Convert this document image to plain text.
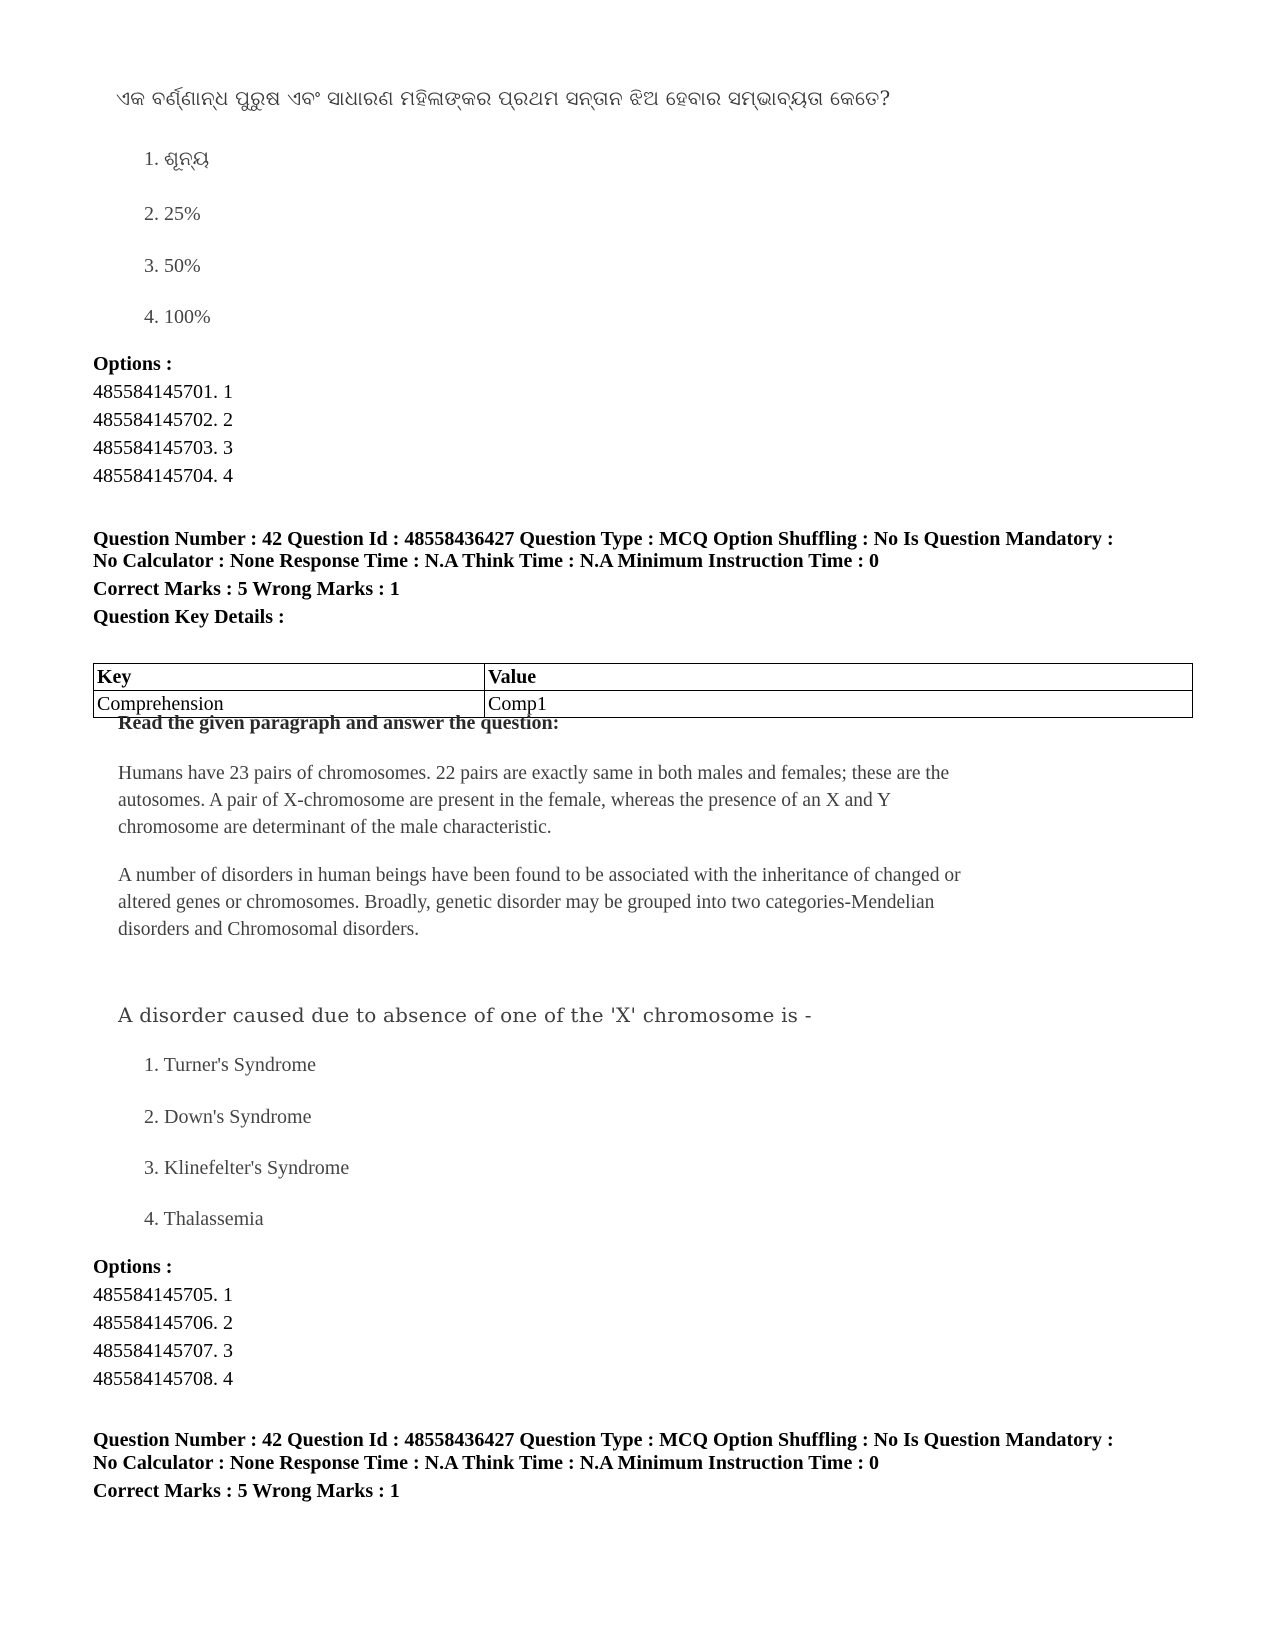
ଏକ ବର୍ଣ୍ଣାନ୍ଧ ପୁରୁଷ ଏବଂ ସାଧାରଣ ମହିଳାଙ୍କର ପ୍ରଥମ ସନ୍ତାନ ଝିଅ ହେବାର ସମ୍ଭାବ୍ୟତା କେତେ?
1. ଶୂନ୍ୟ
2. 25%
3. 50%
4. 100%
Options :
485584145701. 1
485584145702. 2
485584145703. 3
485584145704. 4
Question Number : 42 Question Id : 48558436427 Question Type : MCQ Option Shuffling : No Is Question Mandatory :
No Calculator : None Response Time : N.A Think Time : N.A Minimum Instruction Time : 0
Correct Marks : 5 Wrong Marks : 1
Question Key Details :
Key	Value
Comprehension	Comp1
Read the given paragraph and answer the question:
Humans have 23 pairs of chromosomes. 22 pairs are exactly same in both males and females; these are the
autosomes. A pair of X-chromosome are present in the female, whereas the presence of an X and Y
chromosome are determinant of the male characteristic.
A number of disorders in human beings have been found to be associated with the inheritance of changed or
altered genes or chromosomes. Broadly, genetic disorder may be grouped into two categories-Mendelian
disorders and Chromosomal disorders.
A disorder caused due to absence of one of the 'X' chromosome is -
1. Turner's Syndrome
2. Down's Syndrome
3. Klinefelter's Syndrome
4. Thalassemia
Options :
485584145705. 1
485584145706. 2
485584145707. 3
485584145708. 4
Question Number : 42 Question Id : 48558436427 Question Type : MCQ Option Shuffling : No Is Question Mandatory :
No Calculator : None Response Time : N.A Think Time : N.A Minimum Instruction Time : 0
Correct Marks : 5 Wrong Marks : 1
